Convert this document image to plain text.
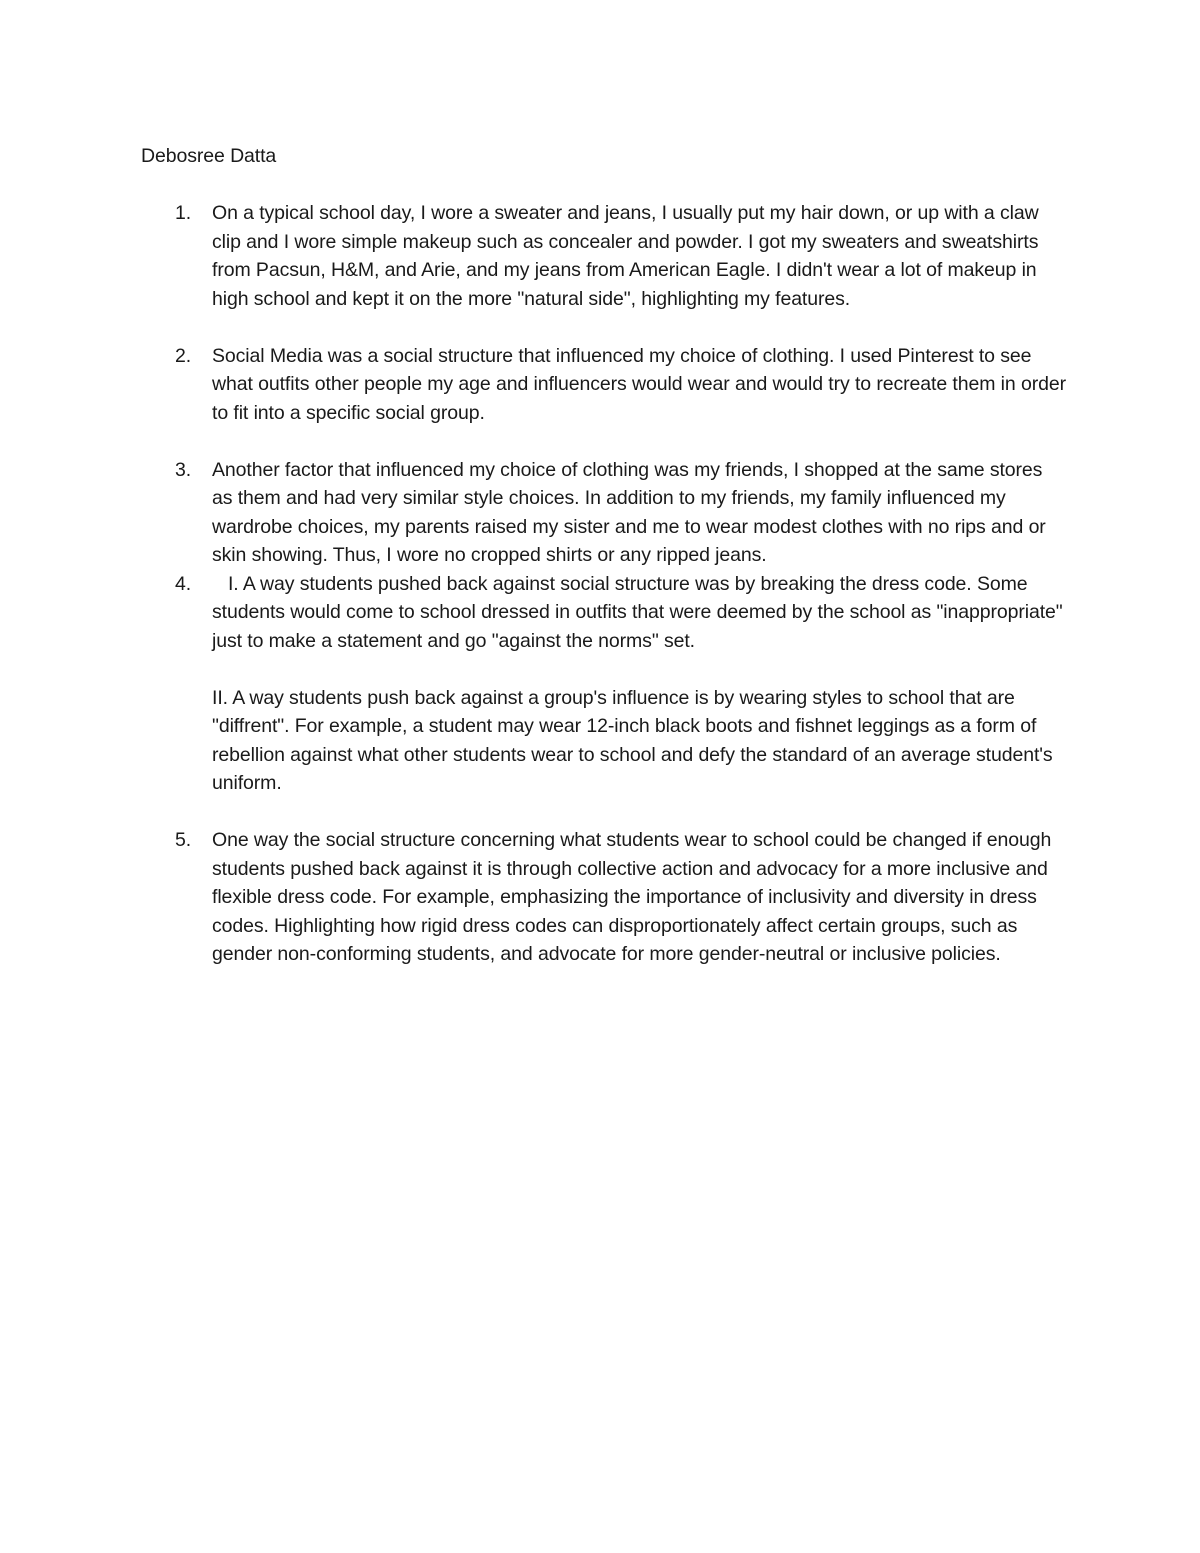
Debosree Datta

1.	On a typical school day, I wore a sweater and jeans, I usually put my hair down, or up with a claw clip and I wore simple makeup such as concealer and powder. I got my sweaters and sweatshirts from Pacsun, H&M, and Arie, and my jeans from American Eagle. I didn't wear a lot of makeup in high school and kept it on the more "natural side", highlighting my features.

2.	Social Media was a social structure that influenced my choice of clothing. I used Pinterest to see what outfits other people my age and influencers would wear and would try to recreate them in order to fit into a specific social group.

3.	Another factor that influenced my choice of clothing was my friends, I shopped at the same stores as them and had very similar style choices. In addition to my friends, my family influenced my wardrobe choices, my parents raised my sister and me to wear modest clothes with no rips and or skin showing. Thus, I wore no cropped shirts or any ripped jeans.

4.	I. A way students pushed back against social structure was by breaking the dress code. Some students would come to school dressed in outfits that were deemed by the school as "inappropriate" just to make a statement and go "against the norms" set.

II. A way students push back against a group's influence is by wearing styles to school that are "diffrent". For example, a student may wear 12-inch black boots and fishnet leggings as a form of rebellion against what other students wear to school and defy the standard of an average student's uniform.

5.	One way the social structure concerning what students wear to school could be changed if enough students pushed back against it is through collective action and advocacy for a more inclusive and flexible dress code. For example, emphasizing the importance of inclusivity and diversity in dress codes. Highlighting how rigid dress codes can disproportionately affect certain groups, such as gender non-conforming students, and advocate for more gender-neutral or inclusive policies.
